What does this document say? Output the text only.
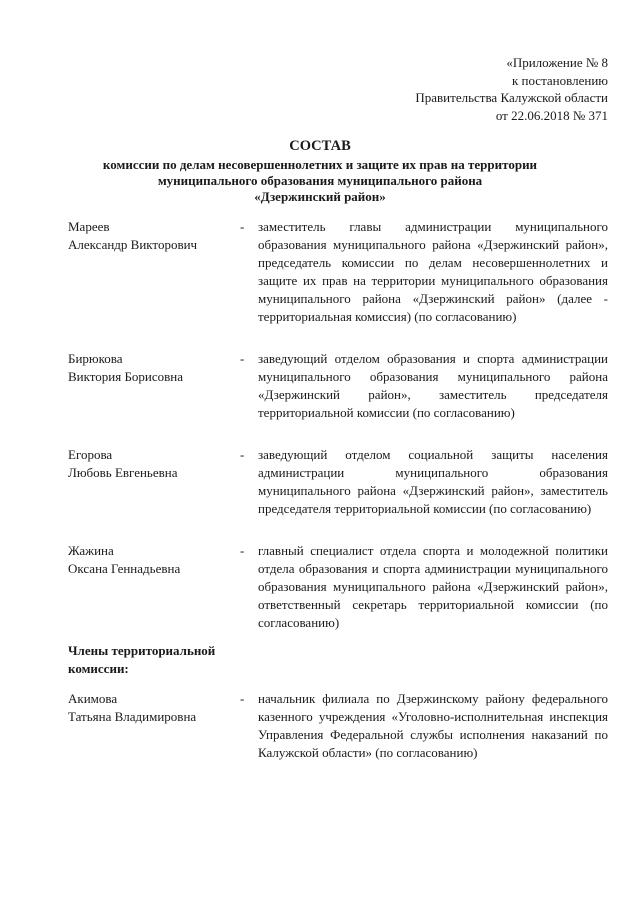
«Приложение № 8
к постановлению
Правительства Калужской области
от 22.06.2018 № 371
СОСТАВ
комиссии по делам несовершеннолетних и защите их прав на территории
муниципального образования муниципального района
«Дзержинский район»
Мареев
Александр Викторович
-	заместитель главы администрации муниципального образования муниципального района «Дзержинский район», председатель комиссии по делам несовершеннолетних и защите их прав на территории муниципального образования муниципального района «Дзержинский район» (далее - территориальная комиссия) (по согласованию)
Бирюкова
Виктория Борисовна
-	заведующий отделом образования и спорта администрации муниципального образования муниципального района «Дзержинский район», заместитель председателя территориальной комиссии (по согласованию)
Егорова
Любовь Евгеньевна
-	заведующий отделом социальной защиты населения администрации муниципального образования муниципального района «Дзержинский район», заместитель председателя территориальной комиссии (по согласованию)
Жажина
Оксана Геннадьевна
-	главный специалист отдела спорта и молодежной политики отдела образования и спорта администрации муниципального образования муниципального района «Дзержинский район», ответственный секретарь территориальной комиссии (по согласованию)
Члены территориальной
комиссии:
Акимова
Татьяна Владимировна
-	начальник филиала по Дзержинскому району федерального казенного учреждения «Уголовно-исполнительная инспекция Управления Федеральной службы исполнения наказаний по Калужской области» (по согласованию)
